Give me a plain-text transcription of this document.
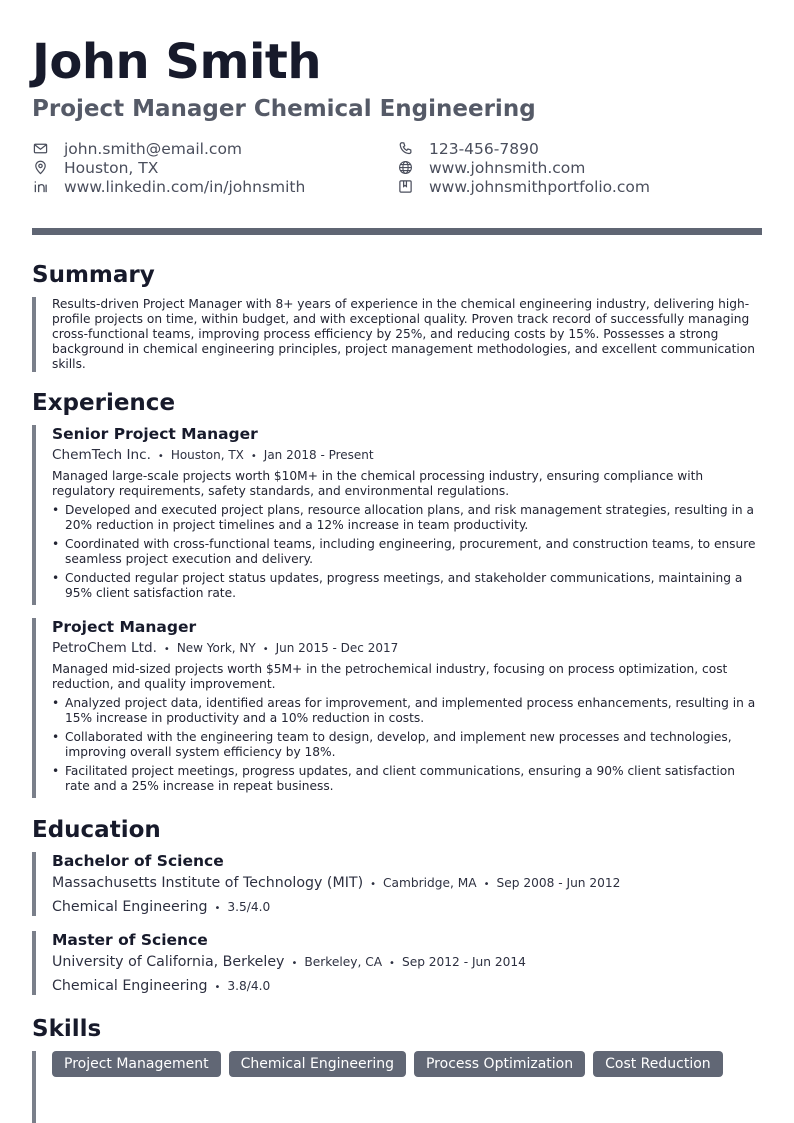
John Smith
Project Manager Chemical Engineering
john.smith@email.com	123-456-7890
Houston, TX	www.johnsmith.com
www.linkedin.com/in/johnsmith	www.johnsmithportfolio.com
Summary
Results-driven Project Manager with 8+ years of experience in the chemical engineering industry, delivering high-profile projects on time, within budget, and with exceptional quality. Proven track record of successfully managing cross-functional teams, improving process efficiency by 25%, and reducing costs by 15%. Possesses a strong background in chemical engineering principles, project management methodologies, and excellent communication skills.
Experience
Senior Project Manager
ChemTech Inc. • Houston, TX • Jan 2018 - Present
Managed large-scale projects worth $10M+ in the chemical processing industry, ensuring compliance with regulatory requirements, safety standards, and environmental regulations.
• Developed and executed project plans, resource allocation plans, and risk management strategies, resulting in a 20% reduction in project timelines and a 12% increase in team productivity.
• Coordinated with cross-functional teams, including engineering, procurement, and construction teams, to ensure seamless project execution and delivery.
• Conducted regular project status updates, progress meetings, and stakeholder communications, maintaining a 95% client satisfaction rate.
Project Manager
PetroChem Ltd. • New York, NY • Jun 2015 - Dec 2017
Managed mid-sized projects worth $5M+ in the petrochemical industry, focusing on process optimization, cost reduction, and quality improvement.
• Analyzed project data, identified areas for improvement, and implemented process enhancements, resulting in a 15% increase in productivity and a 10% reduction in costs.
• Collaborated with the engineering team to design, develop, and implement new processes and technologies, improving overall system efficiency by 18%.
• Facilitated project meetings, progress updates, and client communications, ensuring a 90% client satisfaction rate and a 25% increase in repeat business.
Education
Bachelor of Science
Massachusetts Institute of Technology (MIT) • Cambridge, MA • Sep 2008 - Jun 2012
Chemical Engineering • 3.5/4.0
Master of Science
University of California, Berkeley • Berkeley, CA • Sep 2012 - Jun 2014
Chemical Engineering • 3.8/4.0
Skills
Project Management	Chemical Engineering	Process Optimization	Cost Reduction
